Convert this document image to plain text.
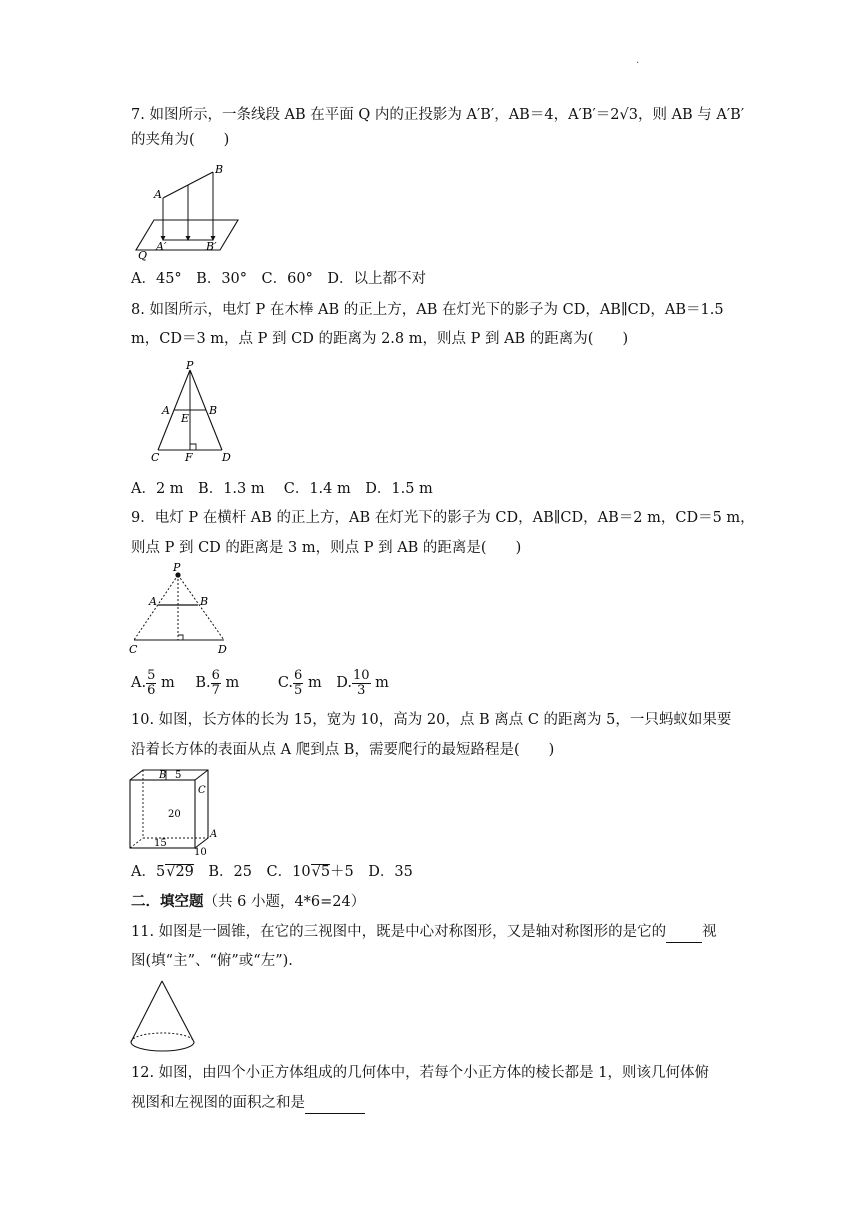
·
7. 如图所示，一条线段 AB 在平面 Q 内的正投影为 A′B′，AB＝4，A′B′＝2√3，则 AB 与 A′B′
的夹角为(　　)
A
B
A′	B′
Q
A．45°　B．30°　C．60°　D．以上都不对
8. 如图所示，电灯 P 在木棒 AB 的正上方，AB 在灯光下的影子为 CD，AB∥CD，AB＝1.5
m，CD＝3 m，点 P 到 CD 的距离为 2.8 m，则点 P 到 AB 的距离为(　　)
P
A	B
E
C F	D
A．2 m　B．1.3 m　 C．1.4 m　D．1.5 m
9．电灯 P 在横杆 AB 的正上方，AB 在灯光下的影子为 CD，AB∥CD，AB＝2 m，CD＝5 m，
则点 P 到 CD 的距离是 3 m，则点 P 到 AB 的距离是(　　)
P
A	B
C	D
A. $\frac{5}{6}$ m B. $\frac{6}{7}$ m	C. $\frac{6}{5}$ m D. $\frac{10}{3}$ m
10. 如图，长方体的长为 15，宽为 10，高为 20，点 B 离点 C 的距离为 5，一只蚂蚁如果要
沿着长方体的表面从点 A 爬到点 B，需要爬行的最短路程是(　　)
B 5
C
20
A
15
10
A．5√29　B．25　C．10√5＋5　D．35
二．填空题（共 6 小题，4*6=24）
11. 如图是一圆锥，在它的三视图中，既是中心对称图形，又是轴对称图形的是它的 视
图(填“主”、“俯”或“左”).
12. 如图，由四个小正方体组成的几何体中，若每个小正方体的棱长都是 1，则该几何体俯
视图和左视图的面积之和是
